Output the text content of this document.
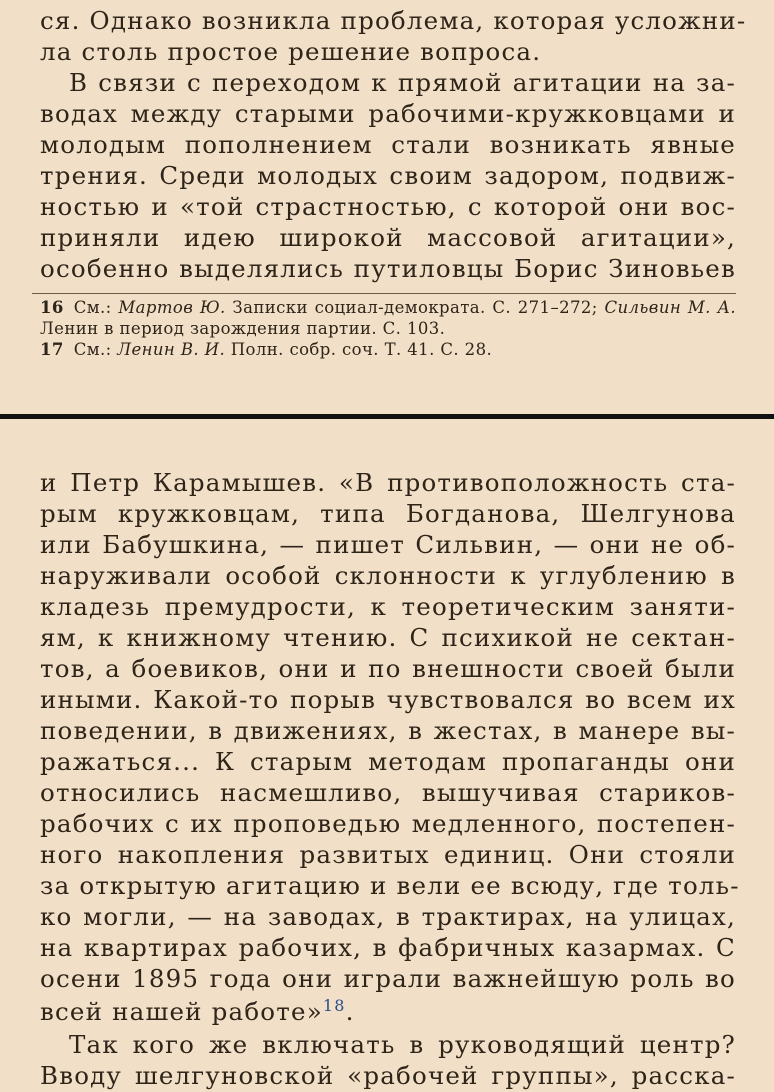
ся. Однако возникла проблема, которая усложни-
ла столь простое решение вопроса.
В связи с переходом к прямой агитации на за-
водах между старыми рабочими-кружковцами и
молодым пополнением стали возникать явные
трения. Среди молодых своим задором, подвиж-
ностью и «той страстностью, с которой они вос-
приняли идею широкой массовой агитации»,
особенно выделялись путиловцы Борис Зиновьев
16 См.: Мартов Ю. Записки социал-демократа. С. 271–272; Сильвин М. А.
Ленин в период зарождения партии. С. 103.
17 См.: Ленин В. И. Полн. собр. соч. Т. 41. С. 28.
и Петр Карамышев. «В противоположность ста-
рым кружковцам, типа Богданова, Шелгунова
или Бабушкина, — пишет Сильвин, — они не об-
наруживали особой склонности к углублению в
кладезь премудрости, к теоретическим заняти-
ям, к книжному чтению. С психикой не сектан-
тов, а боевиков, они и по внешности своей были
иными. Какой-то порыв чувствовался во всем их
поведении, в движениях, в жестах, в манере вы-
ражаться... К старым методам пропаганды они
относились насмешливо, вышучивая стариков-
рабочих с их проповедью медленного, постепен-
ного накопления развитых единиц. Они стояли
за открытую агитацию и вели ее всюду, где толь-
ко могли, — на заводах, в трактирах, на улицах,
на квартирах рабочих, в фабричных казармах. С
осени 1895 года они играли важнейшую роль во
всей нашей работе»$^{18}$.
Так кого же включать в руководящий центр?
Вводу шелгуновской «рабочей группы», расска-
